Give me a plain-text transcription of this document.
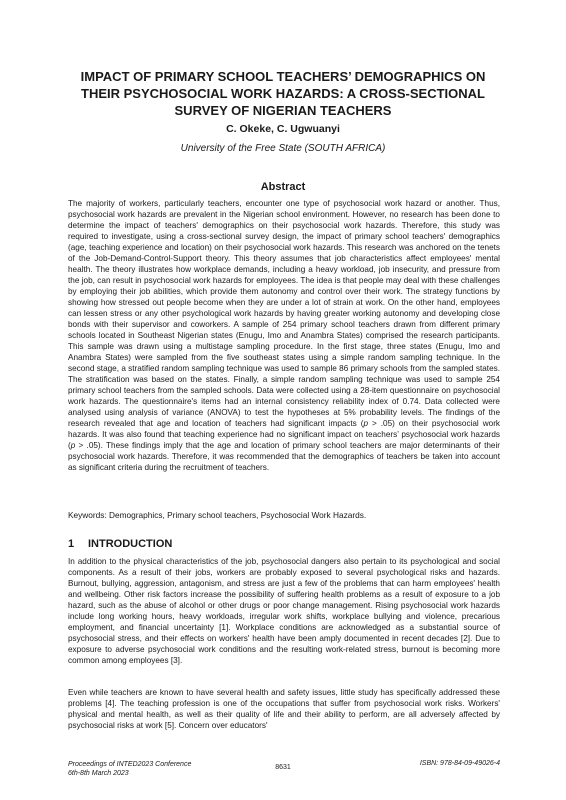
IMPACT OF PRIMARY SCHOOL TEACHERS’ DEMOGRAPHICS ON
THEIR PSYCHOSOCIAL WORK HAZARDS: A CROSS-SECTIONAL
SURVEY OF NIGERIAN TEACHERS
C. Okeke, C. Ugwuanyi
University of the Free State (SOUTH AFRICA)
Abstract
The majority of workers, particularly teachers, encounter one type of psychosocial work hazard or another. Thus, psychosocial work hazards are prevalent in the Nigerian school environment. However, no research has been done to determine the impact of teachers' demographics on their psychosocial work hazards. Therefore, this study was required to investigate, using a cross-sectional survey design, the impact of primary school teachers' demographics (age, teaching experience and location) on their psychosocial work hazards. This research was anchored on the tenets of the Job-Demand-Control-Support theory. This theory assumes that job characteristics affect employees' mental health. The theory illustrates how workplace demands, including a heavy workload, job insecurity, and pressure from the job, can result in psychosocial work hazards for employees. The idea is that people may deal with these challenges by employing their job abilities, which provide them autonomy and control over their work. The strategy functions by showing how stressed out people become when they are under a lot of strain at work. On the other hand, employees can lessen stress or any other psychological work hazards by having greater working autonomy and developing close bonds with their supervisor and coworkers. A sample of 254 primary school teachers drawn from different primary schools located in Southeast Nigerian states (Enugu, Imo and Anambra States) comprised the research participants. This sample was drawn using a multistage sampling procedure. In the first stage, three states (Enugu, Imo and Anambra States) were sampled from the five southeast states using a simple random sampling technique. In the second stage, a stratified random sampling technique was used to sample 86 primary schools from the sampled states. The stratification was based on the states. Finally, a simple random sampling technique was used to sample 254 primary school teachers from the sampled schools. Data were collected using a 28-item questionnaire on psychosocial work hazards. The questionnaire's items had an internal consistency reliability index of 0.74. Data collected were analysed using analysis of variance (ANOVA) to test the hypotheses at 5% probability levels. The findings of the research revealed that age and location of teachers had significant impacts (p > .05) on their psychosocial work hazards. It was also found that teaching experience had no significant impact on teachers’ psychosocial work hazards (p > .05). These findings imply that the age and location of primary school teachers are major determinants of their psychosocial work hazards. Therefore, it was recommended that the demographics of teachers be taken into account as significant criteria during the recruitment of teachers.
Keywords: Demographics, Primary school teachers, Psychosocial Work Hazards.
1 INTRODUCTION
In addition to the physical characteristics of the job, psychosocial dangers also pertain to its psychological and social components. As a result of their jobs, workers are probably exposed to several psychological risks and hazards. Burnout, bullying, aggression, antagonism, and stress are just a few of the problems that can harm employees' health and wellbeing. Other risk factors increase the possibility of suffering health problems as a result of exposure to a job hazard, such as the abuse of alcohol or other drugs or poor change management. Rising psychosocial work hazards include long working hours, heavy workloads, irregular work shifts, workplace bullying and violence, precarious employment, and financial uncertainty [1]. Workplace conditions are acknowledged as a substantial source of psychosocial stress, and their effects on workers' health have been amply documented in recent decades [2]. Due to exposure to adverse psychosocial work conditions and the resulting work-related stress, burnout is becoming more common among employees [3].
Even while teachers are known to have several health and safety issues, little study has specifically addressed these problems [4]. The teaching profession is one of the occupations that suffer from psychosocial work risks. Workers' physical and mental health, as well as their quality of life and their ability to perform, are all adversely affected by psychosocial risks at work [5]. Concern over educators'
Proceedings of INTED2023 Conference
6th-8th March 2023
8631
ISBN: 978-84-09-49026-4
